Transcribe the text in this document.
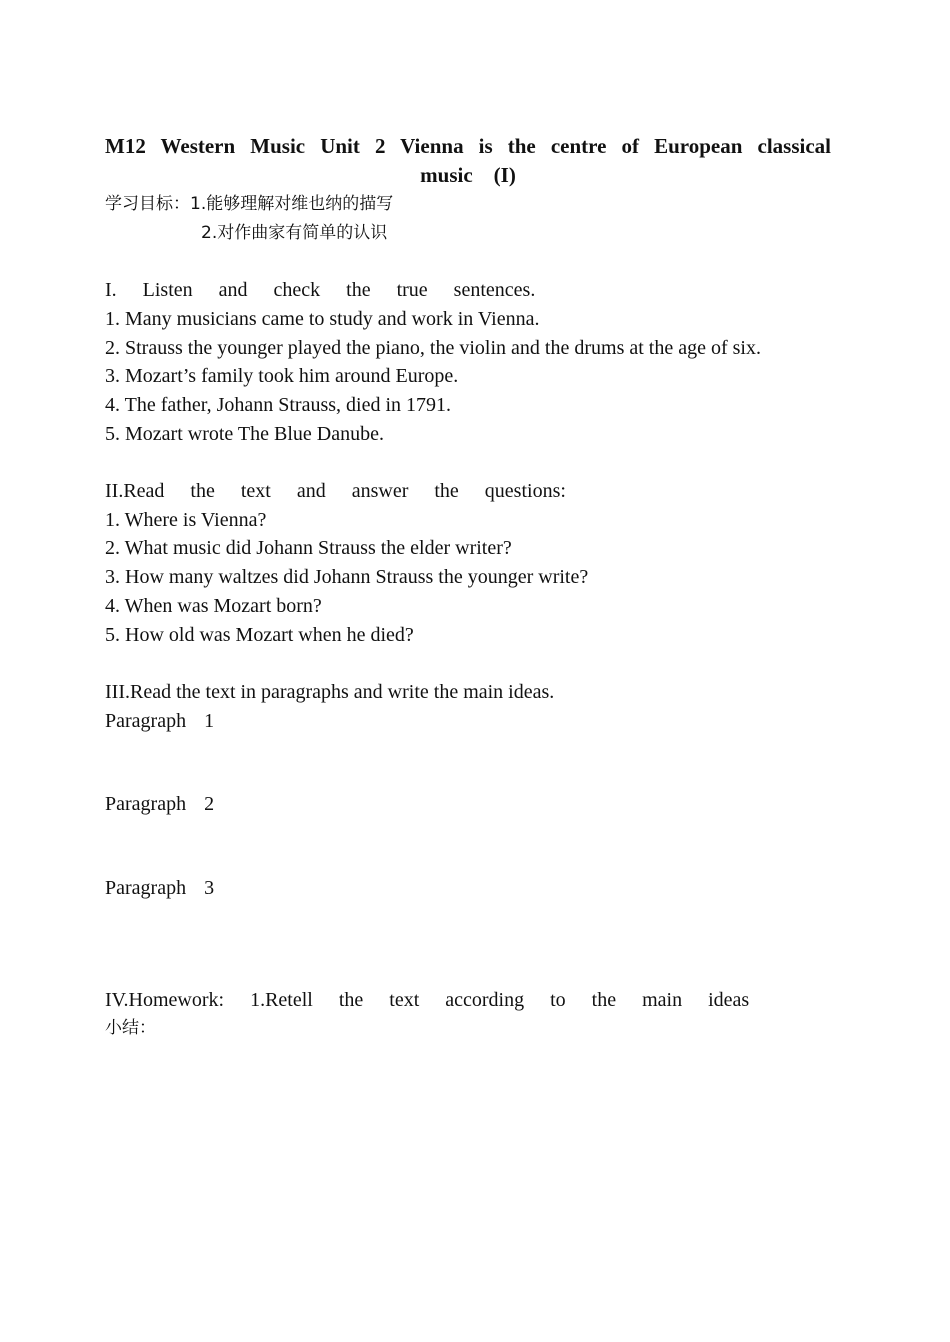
M12 Western Music Unit 2 Vienna is the centre of European classical music　(I)

学习目标：1.能够理解对维也纳的描写

2.对作曲家有简单的认识

I.  Listen  and  check  the  true  sentences.

1. Many musicians came to study and work in Vienna.

2. Strauss the younger played the piano, the violin and the drums at the age of six.

3. Mozart’s family took him around Europe.

4. The father, Johann Strauss, died in 1791.

5. Mozart wrote The Blue Danube.

II.Read  the  text  and  answer  the  questions:

1. Where is Vienna?

2. What music did Johann Strauss the elder writer?

3. How many waltzes did Johann Strauss the younger write?

4. When was Mozart born?

5. How old was Mozart when he died?

III.Read the text in paragraphs and write the main ideas.

Paragraph  1

Paragraph  2

Paragraph  3

IV.Homework:  1.Retell  the  text  according  to  the  main  ideas

小结：
